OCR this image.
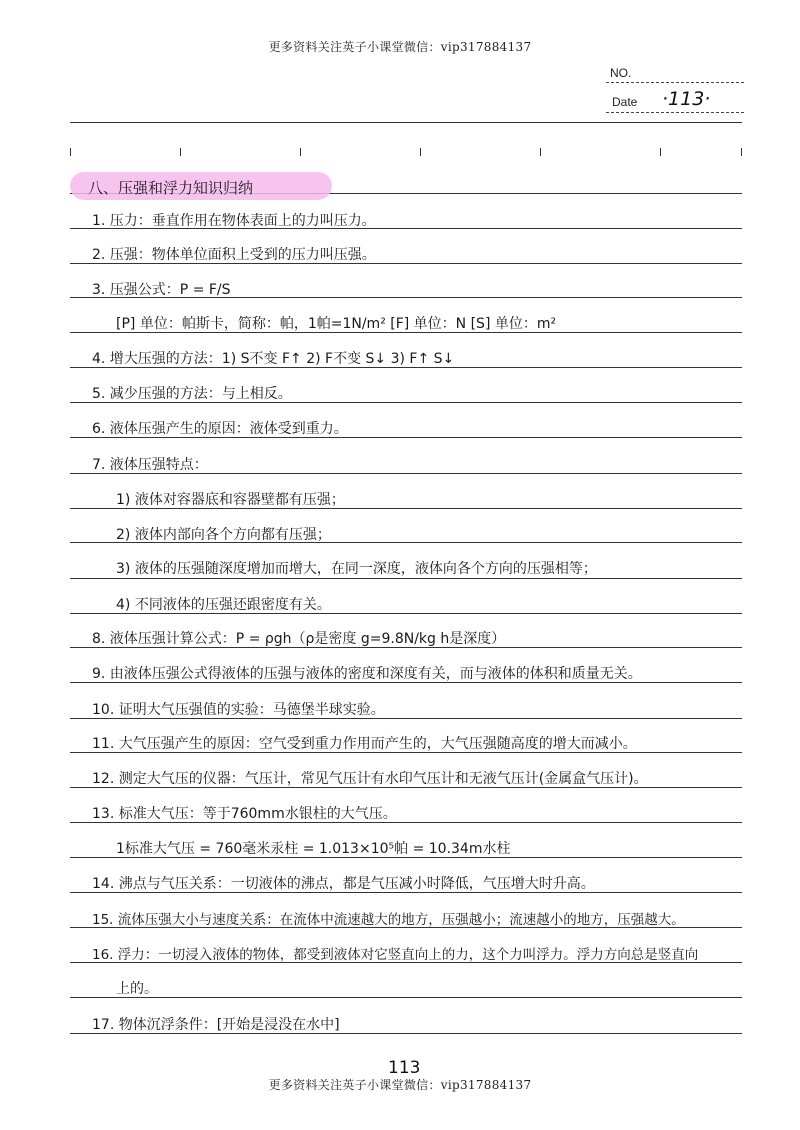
更多资料关注英子小课堂微信：vip317884137
NO.
Date ·113·
八、压强和浮力知识归纳
1. 压力：垂直作用在物体表面上的力叫压力。
2. 压强：物体单位面积上受到的压力叫压强。
3. 压强公式：P = F/S
[P] 单位：帕斯卡，简称：帕，1帕=1N/m² [F] 单位：N [S] 单位：m²
4. 增大压强的方法：1) S不变 F↑ 2) F不变 S↓ 3) F↑ S↓
5. 减少压强的方法：与上相反。
6. 液体压强产生的原因：液体受到重力。
7. 液体压强特点：
1) 液体对容器底和容器壁都有压强；
2) 液体内部向各个方向都有压强；
3) 液体的压强随深度增加而增大，在同一深度，液体向各个方向的压强相等；
4) 不同液体的压强还跟密度有关。
8. 液体压强计算公式：P = ρgh（ρ是密度 g=9.8N/kg h是深度）
9. 由液体压强公式得液体的压强与液体的密度和深度有关，而与液体的体积和质量无关。
10. 证明大气压强值的实验：马德堡半球实验。
11. 大气压强产生的原因：空气受到重力作用而产生的，大气压强随高度的增大而减小。
12. 测定大气压的仪器：气压计，常见气压计有水印气压计和无液气压计(金属盒气压计)。
13. 标准大气压：等于760mm水银柱的大气压。
1标准大气压 = 760毫米汞柱 = 1.013×10⁵帕 = 10.34m水柱
14. 沸点与气压关系：一切液体的沸点，都是气压减小时降低，气压增大时升高。
15. 流体压强大小与速度关系：在流体中流速越大的地方，压强越小；流速越小的地方，压强越大。
16. 浮力：一切浸入液体的物体，都受到液体对它竖直向上的力，这个力叫浮力。浮力方向总是竖直向
上的。
17. 物体沉浮条件：[开始是浸没在水中]
113
更多资料关注英子小课堂微信：vip317884137
